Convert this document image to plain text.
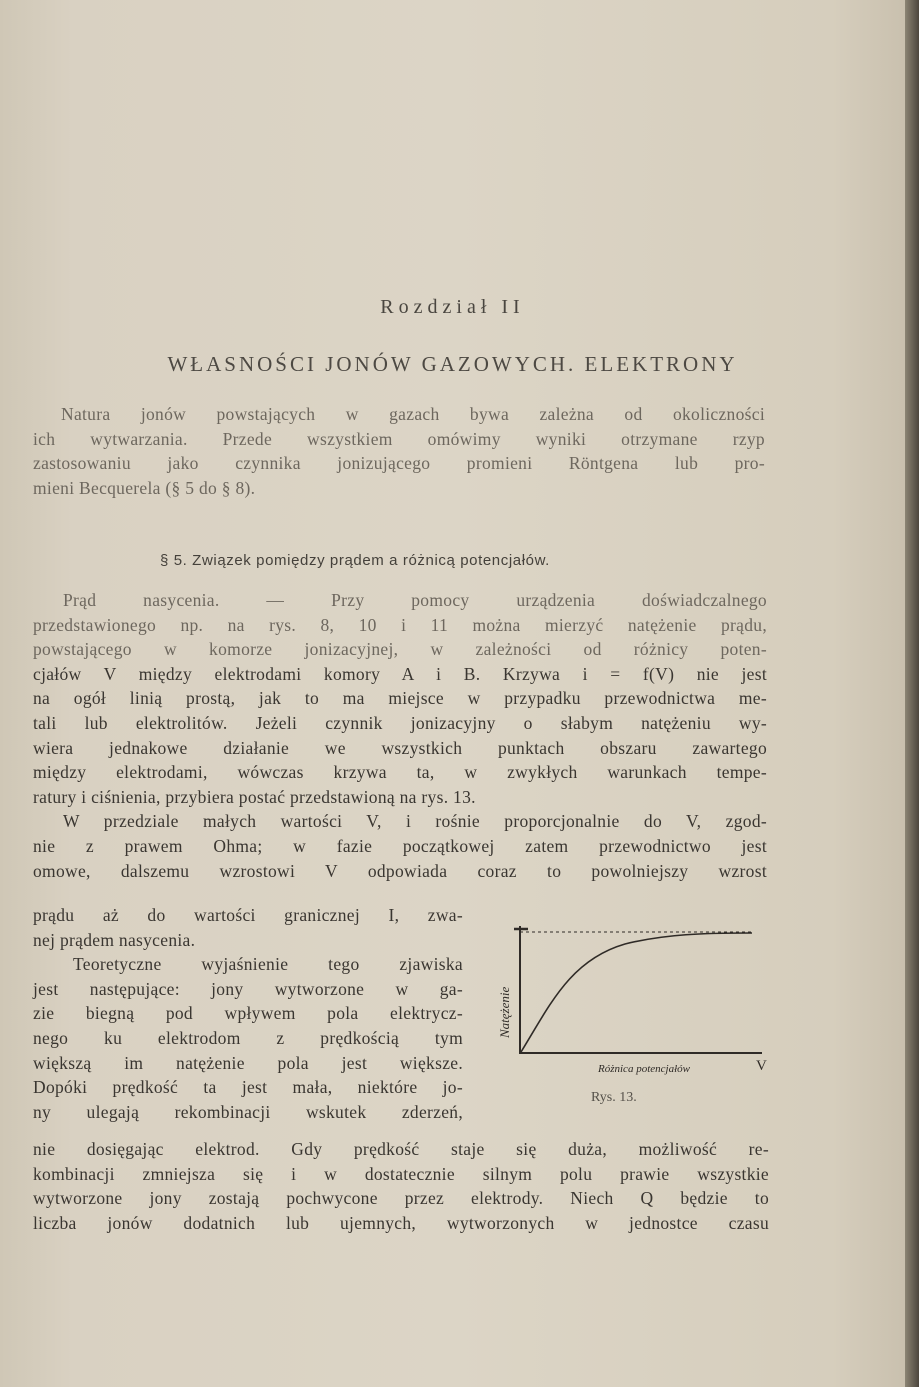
Rozdział II
WŁASNOŚCI JONÓW GAZOWYCH. ELEKTRONY
Natura jonów powstających w gazach bywa zależna od okoliczności
ich wytwarzania. Przede wszystkiem omówimy wyniki otrzymane rzyp
zastosowaniu jako czynnika jonizującego promieni Röntgena lub pro-
mieni Becquerela (§ 5 do § 8).
§ 5. Związek pomiędzy prądem a różnicą potencjałów.
Prąd nasycenia. — Przy pomocy urządzenia doświadczalnego
przedstawionego np. na rys. 8, 10 i 11 można mierzyć natężenie prądu,
powstającego w komorze jonizacyjnej, w zależności od różnicy poten-
cjałów V między elektrodami komory A i B. Krzywa i = f(V) nie jest
na ogół linią prostą, jak to ma miejsce w przypadku przewodnictwa me-
tali lub elektrolitów. Jeżeli czynnik jonizacyjny o słabym natężeniu wy-
wiera jednakowe działanie we wszystkich punktach obszaru zawartego
między elektrodami, wówczas krzywa ta, w zwykłych warunkach tempe-
ratury i ciśnienia, przybiera postać przedstawioną na rys. 13.
W przedziale małych wartości V, i rośnie proporcjonalnie do V, zgod-
nie z prawem Ohma; w fazie początkowej zatem przewodnictwo jest
omowe, dalszemu wzrostowi V odpowiada coraz to powolniejszy wzrost
prądu aż do wartości granicznej I, zwa-
nej prądem nasycenia.
Teoretyczne wyjaśnienie tego zjawiska
jest następujące: jony wytworzone w ga-
zie biegną pod wpływem pola elektrycz-
nego ku elektrodom z prędkością tym
większą im natężenie pola jest większe.
Dopóki prędkość ta jest mała, niektóre jo-
ny ulegają rekombinacji wskutek zderzeń,
Natężenie
Różnica potencjałów	V
Rys. 13.
nie dosięgając elektrod. Gdy prędkość staje się duża, możliwość re-
kombinacji zmniejsza się i w dostatecznie silnym polu prawie wszystkie
wytworzone jony zostają pochwycone przez elektrody. Niech Q będzie to
liczba jonów dodatnich lub ujemnych, wytworzonych w jednostce czasu
